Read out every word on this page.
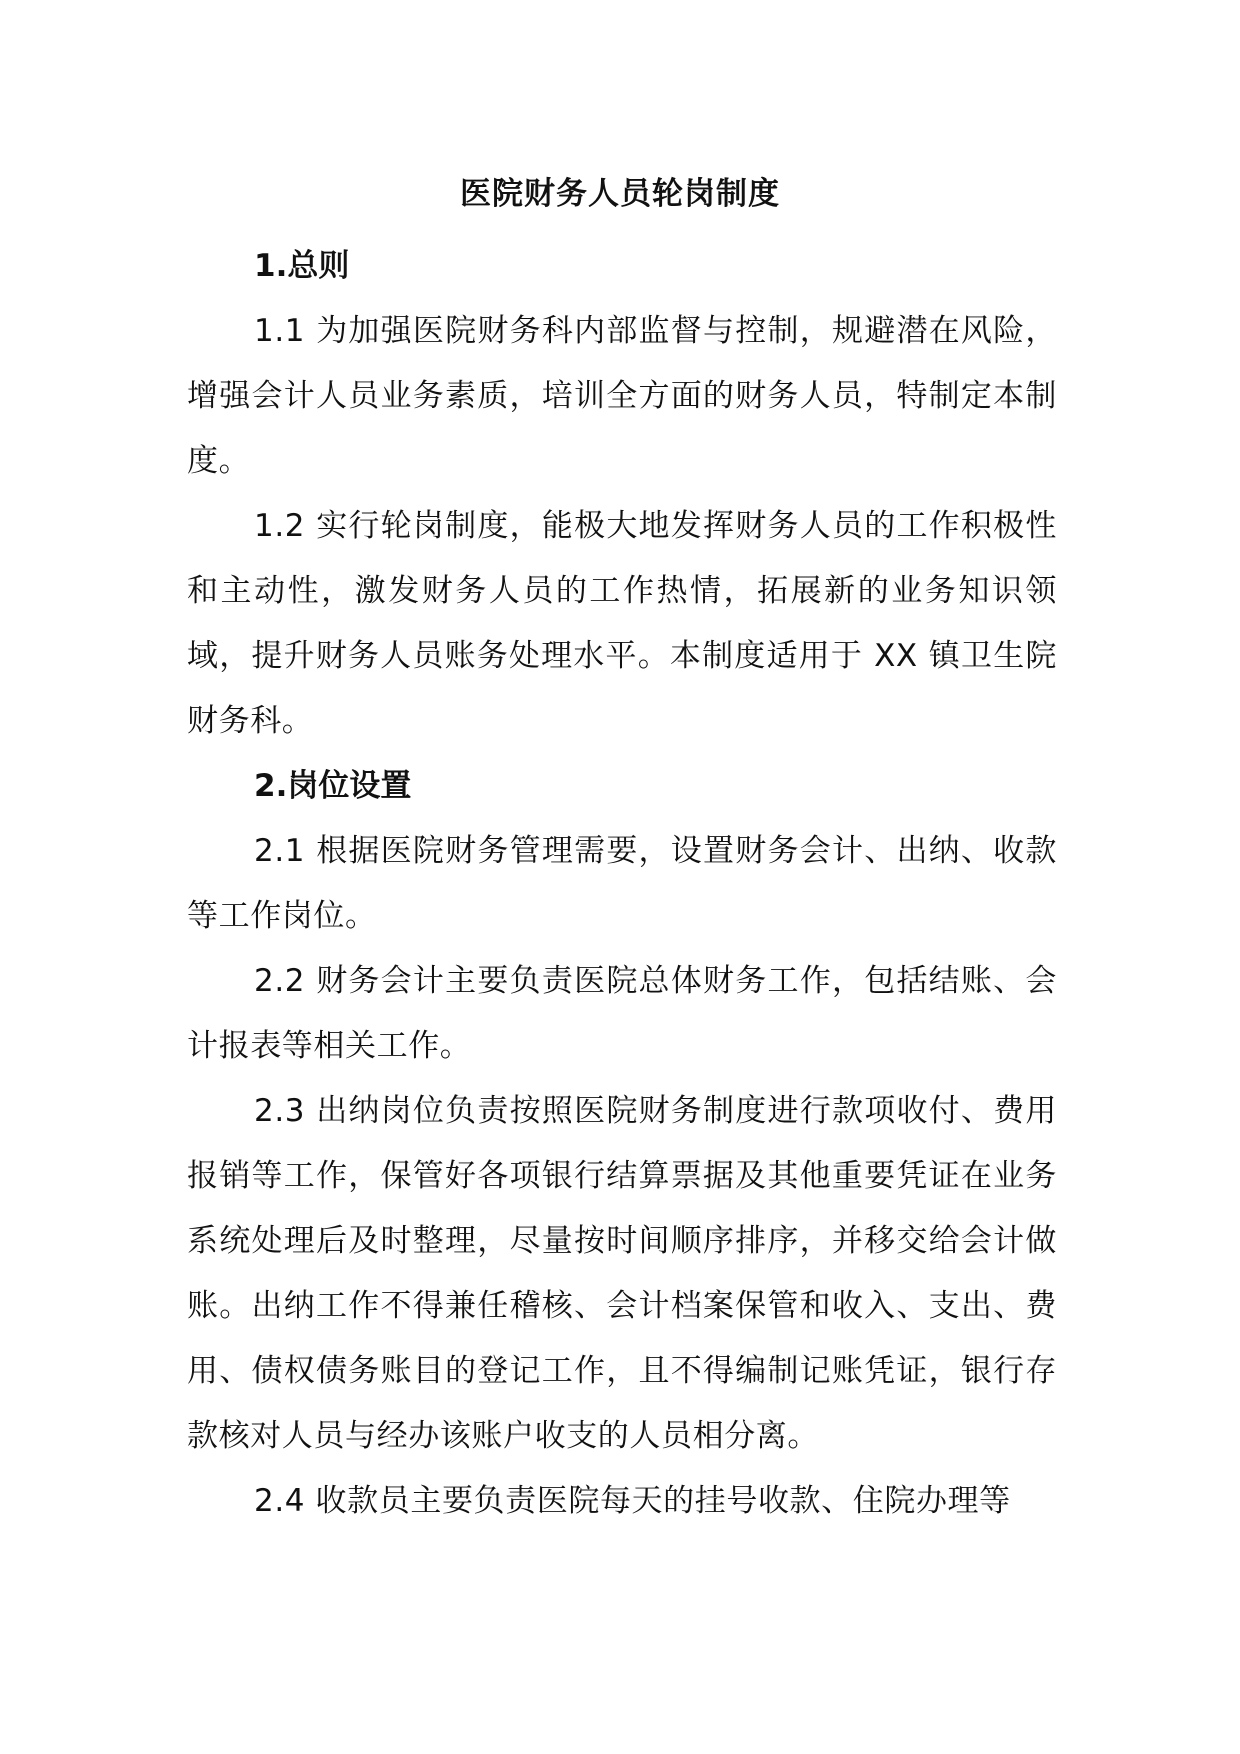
医院财务人员轮岗制度

1.总则

1.1 为加强医院财务科内部监督与控制，规避潜在风险，增强会计人员业务素质，培训全方面的财务人员，特制定本制度。

1.2 实行轮岗制度，能极大地发挥财务人员的工作积极性和主动性，激发财务人员的工作热情，拓展新的业务知识领域，提升财务人员账务处理水平。本制度适用于 XX 镇卫生院财务科。

2.岗位设置

2.1 根据医院财务管理需要，设置财务会计、出纳、收款等工作岗位。

2.2 财务会计主要负责医院总体财务工作，包括结账、会计报表等相关工作。

2.3 出纳岗位负责按照医院财务制度进行款项收付、费用报销等工作，保管好各项银行结算票据及其他重要凭证在业务系统处理后及时整理，尽量按时间顺序排序，并移交给会计做账。出纳工作不得兼任稽核、会计档案保管和收入、支出、费用、债权债务账目的登记工作，且不得编制记账凭证，银行存款核对人员与经办该账户收支的人员相分离。

2.4 收款员主要负责医院每天的挂号收款、住院办理等
